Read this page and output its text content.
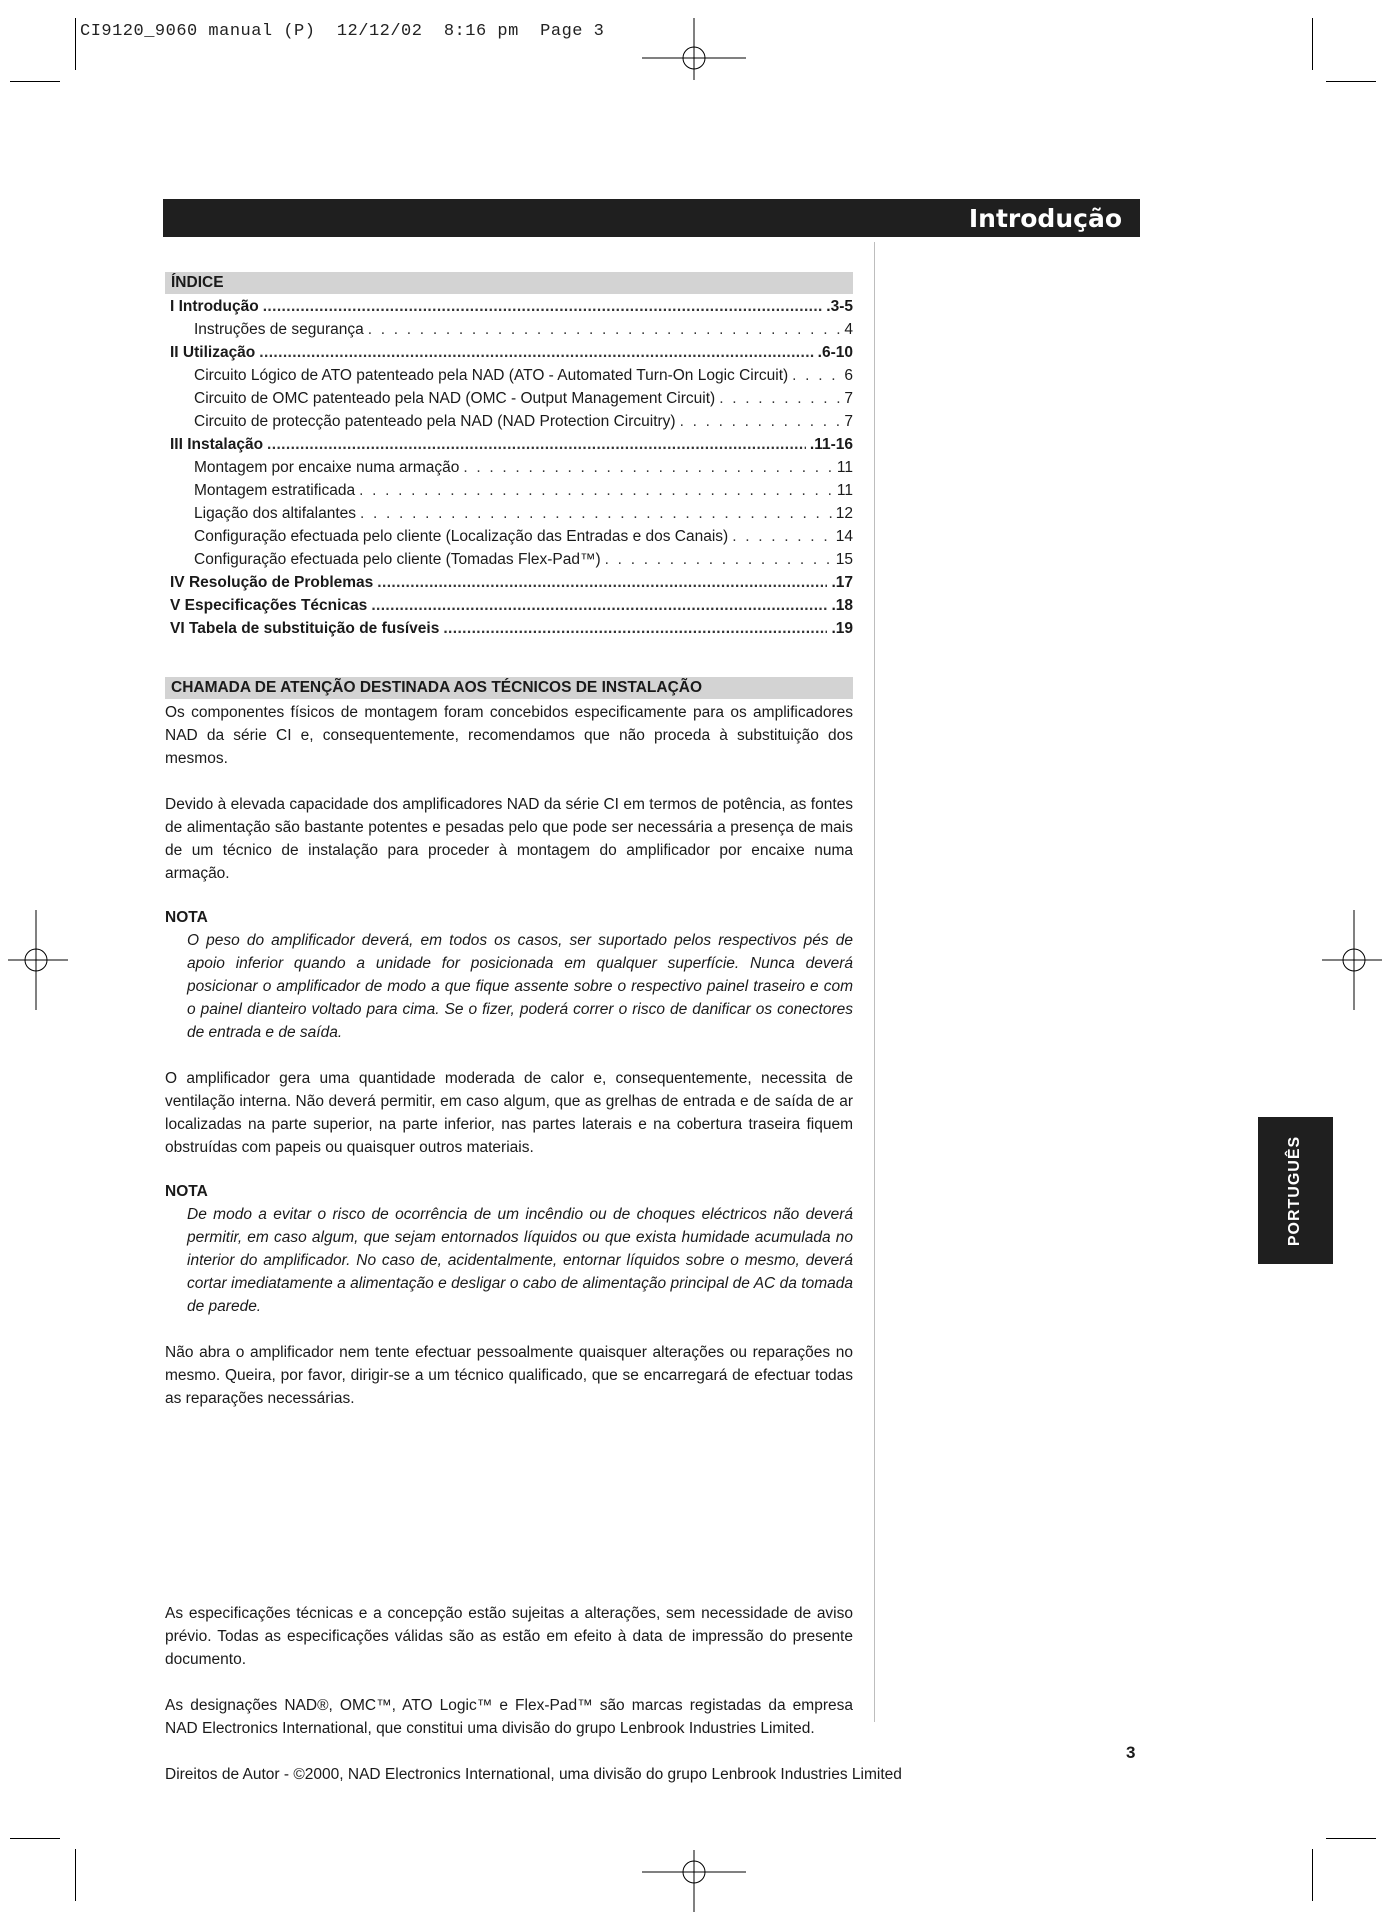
CI9120_9060 manual (P)  12/12/02  8:16 pm  Page 3
Introdução
ÍNDICE
I Introdução .....	.3-5
Instruções de segurança . . .	4
II Utilização .....	.6-10
Circuito Lógico de ATO patenteado pela NAD (ATO - Automated Turn-On Logic Circuit) . . .	6
Circuito de OMC patenteado pela NAD (OMC - Output Management Circuit) . . .	7
Circuito de protecção patenteado pela NAD (NAD Protection Circuitry) . . .	7
III Instalação .....	.11-16
Montagem por encaixe numa armação . . .	11
Montagem estratificada . . .	11
Ligação dos altifalantes . . .	12
Configuração efectuada pelo cliente (Localização das Entradas e dos Canais) . . .	14
Configuração efectuada pelo cliente (Tomadas Flex-Pad™) . . .	15
IV Resolução de Problemas .....	.17
V Especificações Técnicas .....	.18
VI Tabela de substituição de fusíveis .....	.19
CHAMADA DE ATENÇÃO DESTINADA AOS TÉCNICOS DE INSTALAÇÃO

Os componentes físicos de montagem foram concebidos especificamente para os amplificadores NAD da série CI e, consequentemente, recomendamos que não proceda à substituição dos mesmos.

Devido à elevada capacidade dos amplificadores NAD da série CI em termos de potência, as fontes de alimentação são bastante potentes e pesadas pelo que pode ser necessária a presença de mais de um técnico de instalação para proceder à montagem do amplificador por encaixe numa armação.

NOTA

O peso do amplificador deverá, em todos os casos, ser suportado pelos respectivos pés de apoio inferior quando a unidade for posicionada em qualquer superfície. Nunca deverá posicionar o amplificador de modo a que fique assente sobre o respectivo painel traseiro e com o painel dianteiro voltado para cima. Se o fizer, poderá correr o risco de danificar os conectores de entrada e de saída.

O amplificador gera uma quantidade moderada de calor e, consequentemente, necessita de ventilação interna. Não deverá permitir, em caso algum, que as grelhas de entrada e de saída de ar localizadas na parte superior, na parte inferior, nas partes laterais e na cobertura traseira fiquem obstruídas com papeis ou quaisquer outros materiais.

NOTA

De modo a evitar o risco de ocorrência de um incêndio ou de choques eléctricos não deverá permitir, em caso algum, que sejam entornados líquidos ou que exista humidade acumulada no interior do amplificador. No caso de, acidentalmente, entornar líquidos sobre o mesmo, deverá cortar imediatamente a alimentação e desligar o cabo de alimentação principal de AC da tomada de parede.

Não abra o amplificador nem tente efectuar pessoalmente quaisquer alterações ou reparações no mesmo. Queira, por favor, dirigir-se a um técnico qualificado, que se encarregará de efectuar todas as reparações necessárias.

As especificações técnicas e a concepção estão sujeitas a alterações, sem necessidade de aviso prévio. Todas as especificações válidas são as estão em efeito à data de impressão do presente documento.

As designações NAD®, OMC™, ATO Logic™ e Flex-Pad™ são marcas registadas da empresa NAD Electronics International, que constitui uma divisão do grupo Lenbrook Industries Limited.

Direitos de Autor - ©2000, NAD Electronics International, uma divisão do grupo Lenbrook Industries Limited

PORTUGUÊS
3
